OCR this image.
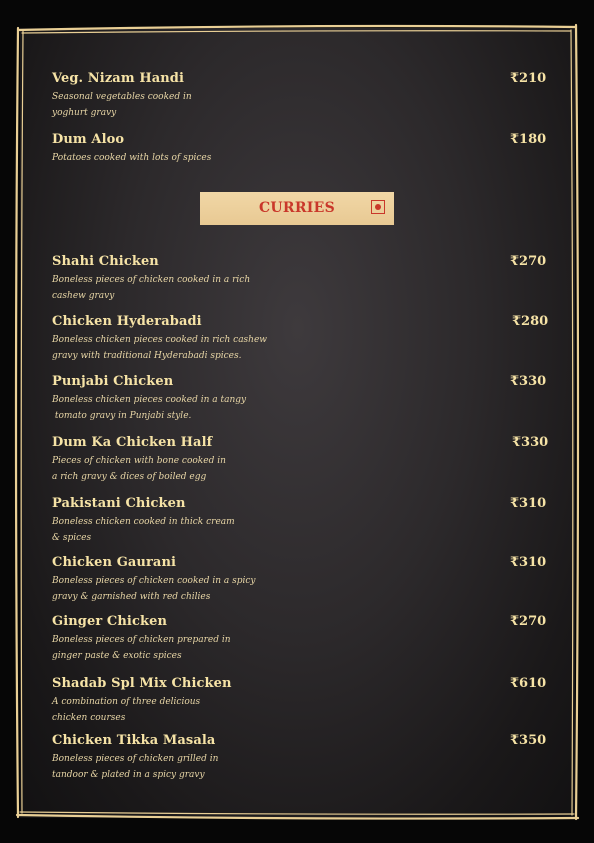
Veg. Nizam Handi	₹210
Seasonal vegetables cooked in
yoghurt gravy
Dum Aloo	₹180
Potatoes cooked with lots of spices
CURRIES
Shahi Chicken	₹270
Boneless pieces of chicken cooked in a rich
cashew gravy
Chicken Hyderabadi	₹280
Boneless chicken pieces cooked in rich cashew
gravy with traditional Hyderabadi spices.
Punjabi Chicken	₹330
Boneless chicken pieces cooked in a tangy
tomato gravy in Punjabi style.
Dum Ka Chicken Half	₹330
Pieces of chicken with bone cooked in
a rich gravy & dices of boiled egg
Pakistani Chicken	₹310
Boneless chicken cooked in thick cream
& spices
Chicken Gaurani	₹310
Boneless pieces of chicken cooked in a spicy
gravy & garnished with red chilies
Ginger Chicken	₹270
Boneless pieces of chicken prepared in
ginger paste & exotic spices
Shadab Spl Mix Chicken	₹610
A combination of three delicious
chicken courses
Chicken Tikka Masala	₹350
Boneless pieces of chicken grilled in
tandoor & plated in a spicy gravy
